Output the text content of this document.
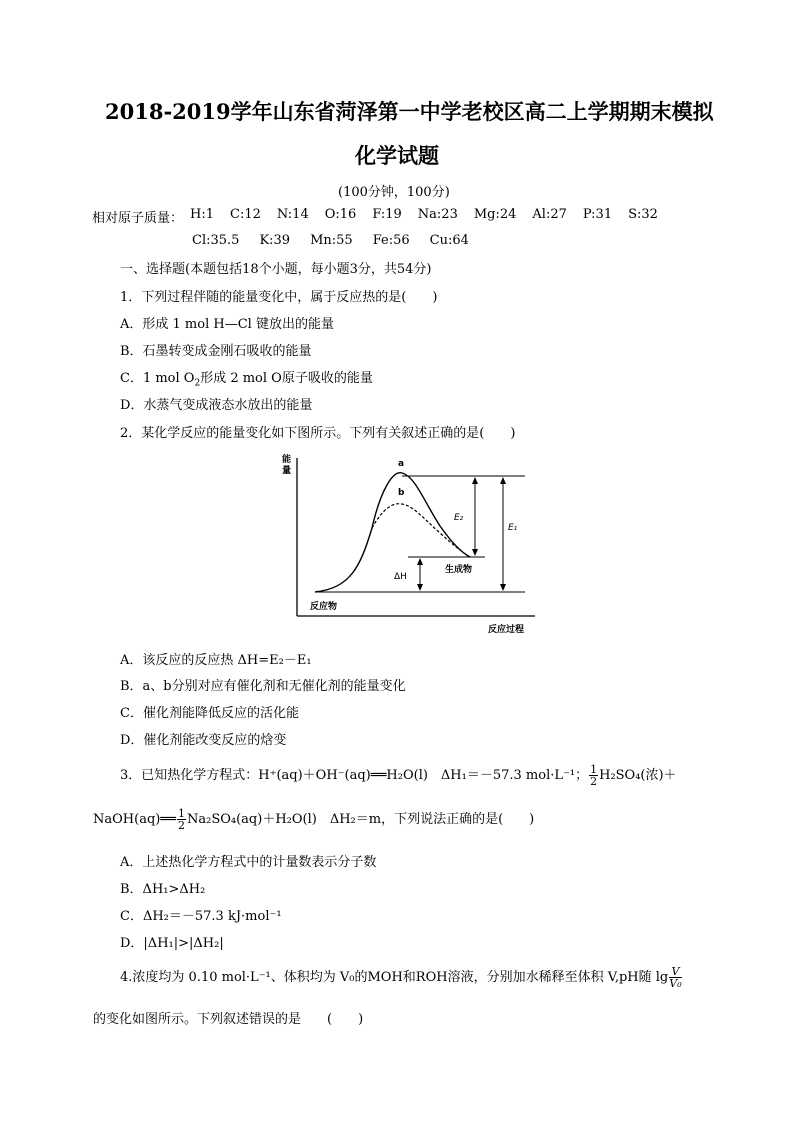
2018-2019学年山东省菏泽第一中学老校区高二上学期期末模拟
化学试题
(100分钟，100分)
相对原子质量： H:1 C:12 N:14 O:16 F:19 Na:23 Mg:24 Al:27 P:31 S:32
Cl:35.5 K:39 Mn:55 Fe:56 Cu:64
一、选择题(本题包括18个小题，每小题3分，共54分)
1．下列过程伴随的能量变化中，属于反应热的是(　　)
A．形成 1 mol H—Cl 键放出的能量
B．石墨转变成金刚石吸收的能量
C．1 mol $O_2$形成 2 mol O原子吸收的能量
D．水蒸气变成液态水放出的能量
2．某化学反应的能量变化如下图所示。下列有关叙述正确的是(　　)
能
量
a
b
E₂
E₁
ΔH
生成物
反应物
反应过程
A．该反应的反应热 ΔH=E₂－E₁
B．a、b分别对应有催化剂和无催化剂的能量变化
C．催化剂能降低反应的活化能
D．催化剂能改变反应的焓变
3．已知热化学方程式：H⁺(aq)＋OH⁻(aq)══H₂O(l)　ΔH₁＝－57.3 mol·L⁻¹； $\frac{1}{2} H_2SO_4$(浓)＋
NaOH(aq)══ $\frac{1}{2} Na_2SO_4(aq)+H_2O(l)$　ΔH₂＝m，下列说法正确的是(　　)
A．上述热化学方程式中的计量数表示分子数
B．ΔH₁>ΔH₂
C．ΔH₂＝－57.3 kJ·mol⁻¹
D．|ΔH₁|>|ΔH₂|
4.浓度均为 0.10 mol·L⁻¹、体积均为 V₀的MOH和ROH溶液，分别加水稀释至体积 V,pH随 $\lg \frac{V}{\text{V₀}}$
的变化如图所示。下列叙述错误的是　　(　　)
